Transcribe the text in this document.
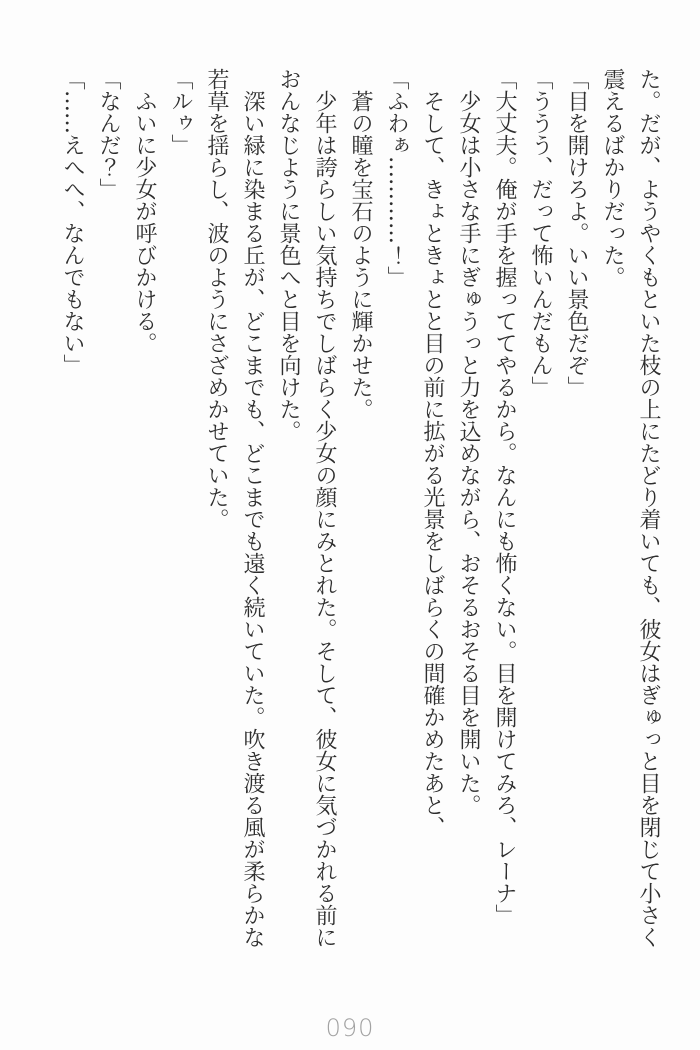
た。だが、ようやくもといた枝の上にたどり着いても、彼女はぎゅっと目を閉じて小さく震えるばかりだった。

「目を開けろよ。いい景色だぞ」

「ううう、だって怖いんだもん」

「大丈夫。俺が手を握っててやるから。なんにも怖くない。目を開けてみろ、レーナ」

少女は小さな手にぎゅうっと力を込めながら、おそるおそる目を開いた。

そして、きょときょとと目の前に拡がる光景をしばらくの間確かめたあと、

「ふわぁ…………！」

蒼の瞳を宝石のように輝かせた。

少年は誇らしい気持ちでしばらく少女の顔にみとれた。そして、彼女に気づかれる前におんなじように景色へと目を向けた。

深い緑に染まる丘が、どこまでも、どこまでも遠く続いていた。吹き渡る風が柔らかな若草を揺らし、波のようにさざめかせていた。

「ルゥ」

ふいに少女が呼びかける。

「なんだ？」

「……えへへ、なんでもない」

090
